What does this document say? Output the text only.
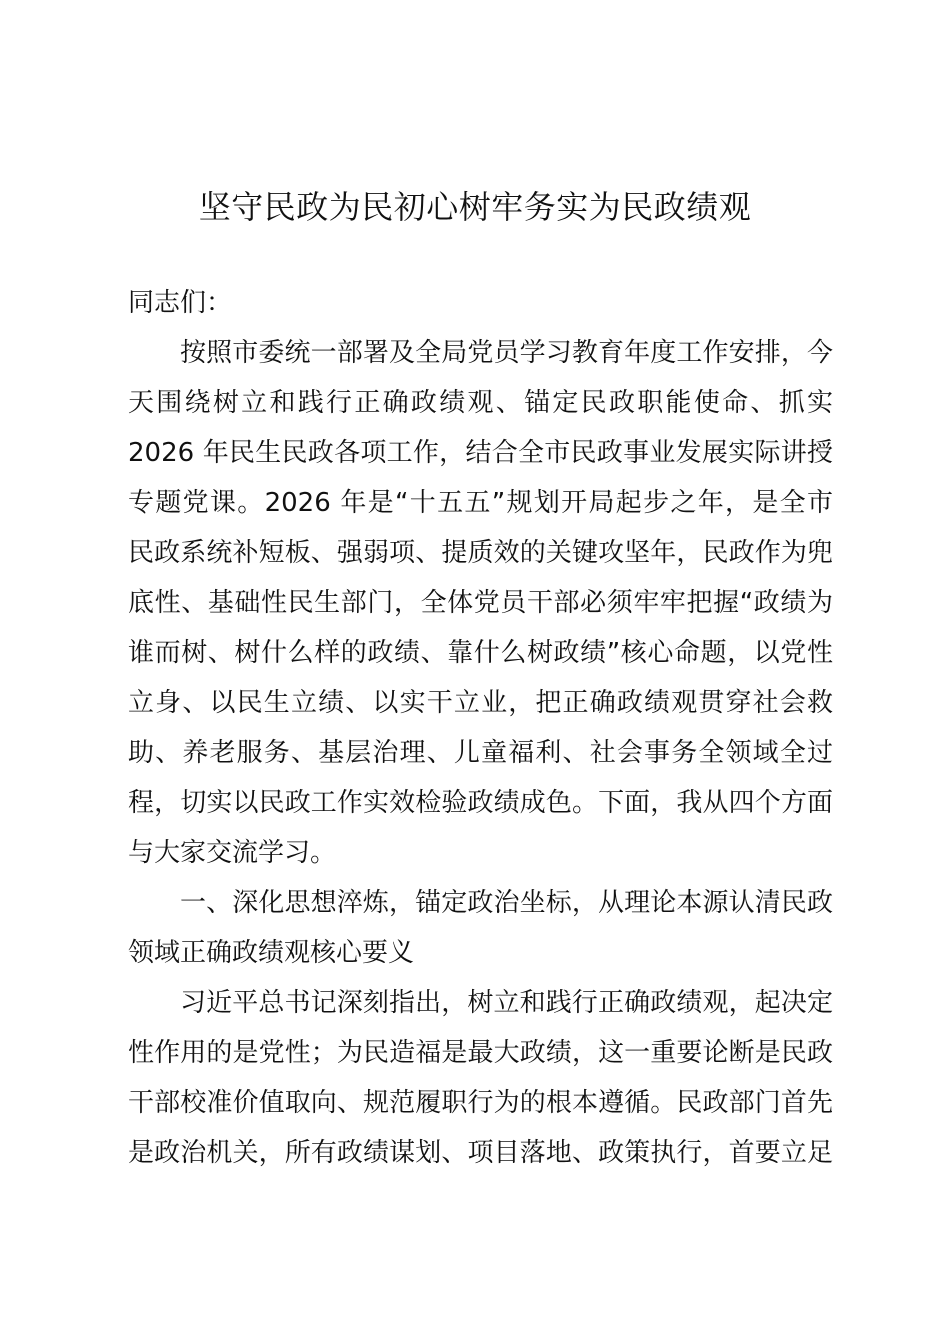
坚守民政为民初心树牢务实为民政绩观
同志们：
按照市委统一部署及全局党员学习教育年度工作安排，今
天围绕树立和践行正确政绩观、锚定民政职能使命、抓实
2026 年民生民政各项工作，结合全市民政事业发展实际讲授
专题党课。2026 年是“十五五”规划开局起步之年，是全市
民政系统补短板、强弱项、提质效的关键攻坚年，民政作为兜
底性、基础性民生部门，全体党员干部必须牢牢把握“政绩为
谁而树、树什么样的政绩、靠什么树政绩”核心命题，以党性
立身、以民生立绩、以实干立业，把正确政绩观贯穿社会救
助、养老服务、基层治理、儿童福利、社会事务全领域全过
程，切实以民政工作实效检验政绩成色。下面，我从四个方面
与大家交流学习。
一、深化思想淬炼，锚定政治坐标，从理论本源认清民政
领域正确政绩观核心要义
习近平总书记深刻指出，树立和践行正确政绩观，起决定
性作用的是党性；为民造福是最大政绩，这一重要论断是民政
干部校准价值取向、规范履职行为的根本遵循。民政部门首先
是政治机关，所有政绩谋划、项目落地、政策执行，首要立足
